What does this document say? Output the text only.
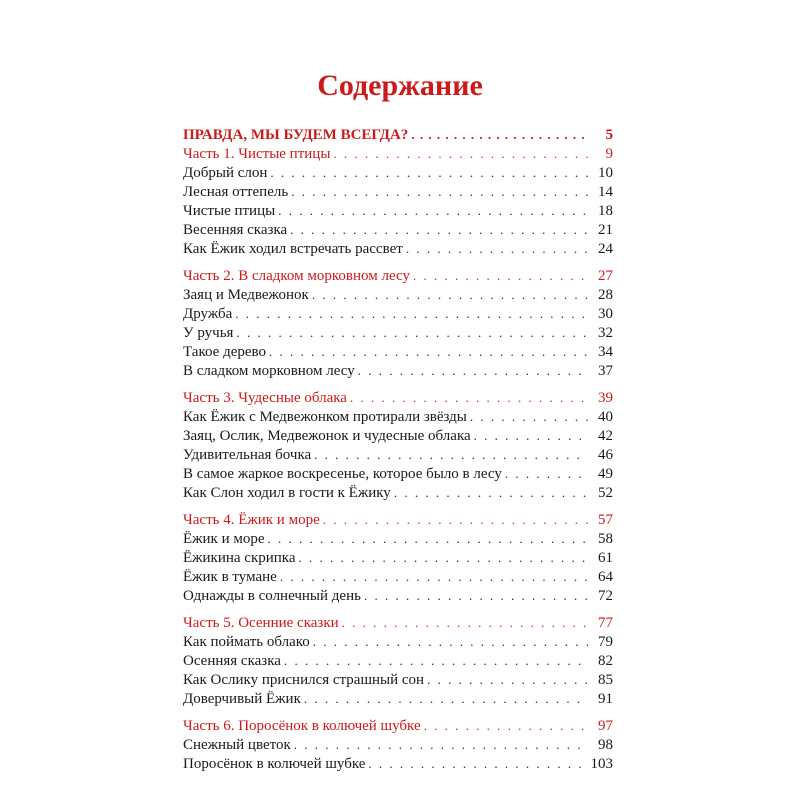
Содержание
ПРАВДА, МЫ БУДЕМ ВСЕГДА? . . .	5
Часть 1. Чистые птицы . . .	9
Добрый слон . . .	10
Лесная оттепель . . .	14
Чистые птицы . . .	18
Весенняя сказка . . .	21
Как Ёжик ходил встречать рассвет . . .	24
Часть 2. В сладком морковном лесу . . .	27
Заяц и Медвежонок . . .	28
Дружба . . .	30
У ручья . . .	32
Такое дерево . . .	34
В сладком морковном лесу . . .	37
Часть 3. Чудесные облака . . .	39
Как Ёжик с Медвежонком протирали звёзды . . .	40
Заяц, Ослик, Медвежонок и чудесные облака . . .	42
Удивительная бочка . . .	46
В самое жаркое воскресенье, которое было в лесу . . .	49
Как Слон ходил в гости к Ёжику . . .	52
Часть 4. Ёжик и море . . .	57
Ёжик и море . . .	58
Ёжикина скрипка . . .	61
Ёжик в тумане . . .	64
Однажды в солнечный день . . .	72
Часть 5. Осенние сказки . . .	77
Как поймать облако . . .	79
Осенняя сказка . . .	82
Как Ослику приснился страшный сон . . .	85
Доверчивый Ёжик . . .	91
Часть 6. Поросёнок в колючей шубке . . .	97
Снежный цветок . . .	98
Поросёнок в колючей шубке . . .	103
